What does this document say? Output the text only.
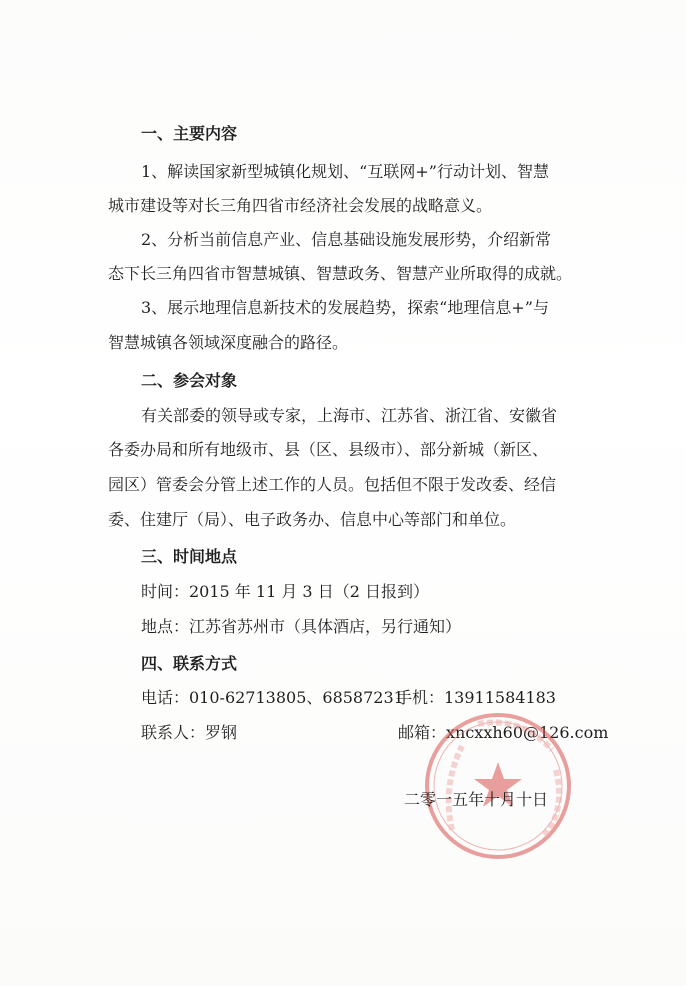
一、主要内容
1、解读国家新型城镇化规划、“互联网+”行动计划、智慧
城市建设等对长三角四省市经济社会发展的战略意义。
2、分析当前信息产业、信息基础设施发展形势，介绍新常
态下长三角四省市智慧城镇、智慧政务、智慧产业所取得的成就。
3、展示地理信息新技术的发展趋势，探索“地理信息+”与
智慧城镇各领域深度融合的路径。
二、参会对象
有关部委的领导或专家，上海市、江苏省、浙江省、安徽省
各委办局和所有地级市、县（区、县级市）、部分新城（新区、
园区）管委会分管上述工作的人员。包括但不限于发改委、经信
委、住建厅（局）、电子政务办、信息中心等部门和单位。
三、时间地点
时间：2015 年 11 月 3 日（2 日报到）
地点：江苏省苏州市（具体酒店，另行通知）
四、联系方式
电话：010-62713805、68587231
手机：13911584183
联系人：罗钢	邮箱：xncxxh60@126.com
二零一五年十月十日
